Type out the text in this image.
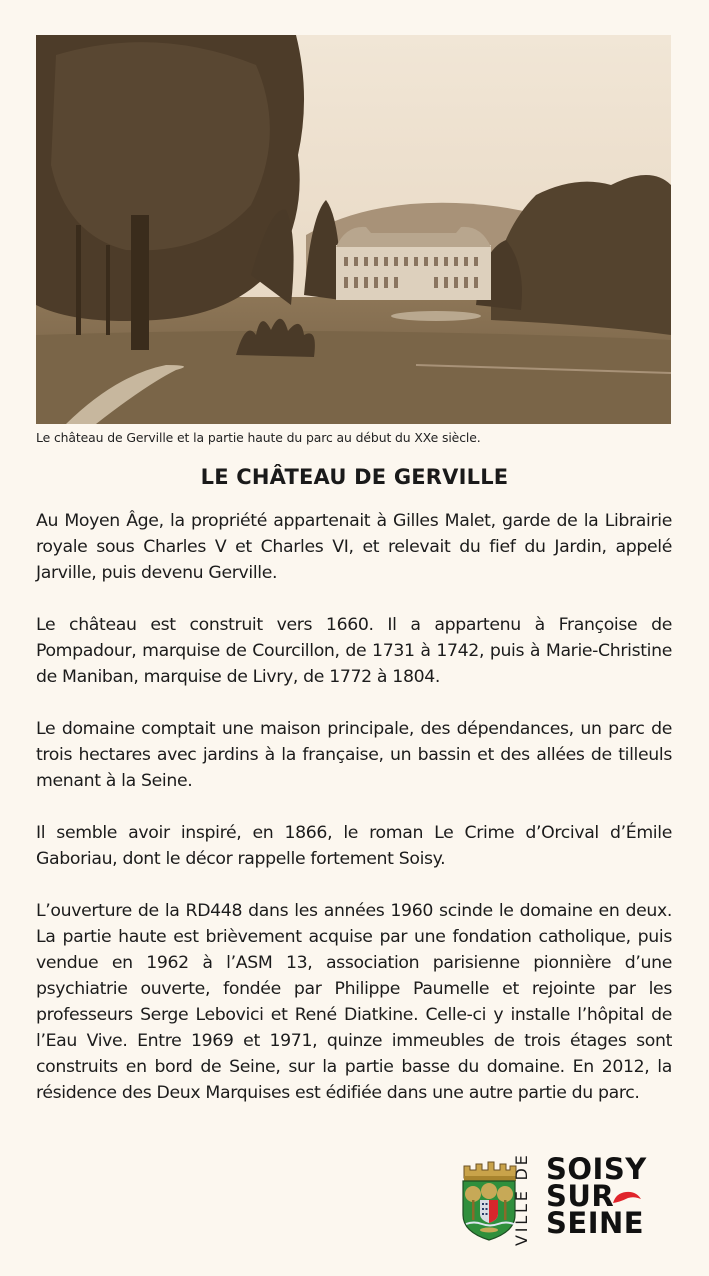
Le château de Gerville et la partie haute du parc au début du XXe siècle.
LE CHÂTEAU DE GERVILLE

Au Moyen Âge, la propriété appartenait à Gilles Malet, garde de la Librairie royale sous Charles V et Charles VI, et relevait du fief du Jardin, appelé Jarville, puis devenu Gerville.

Le château est construit vers 1660. Il a appartenu à Françoise de Pompadour, marquise de Courcillon, de 1731 à 1742, puis à Marie-Christine de Maniban, marquise de Livry, de 1772 à 1804.

Le domaine comptait une maison principale, des dépendances, un parc de trois hectares avec jardins à la française, un bassin et des allées de tilleuls menant à la Seine.

Il semble avoir inspiré, en 1866, le roman Le Crime d’Orcival d’Émile Gaboriau, dont le décor rappelle fortement Soisy.

L’ouverture de la RD448 dans les années 1960 scinde le domaine en deux. La partie haute est brièvement acquise par une fondation catholique, puis vendue en 1962 à l’ASM 13, association parisienne pionnière d’une psychiatrie ouverte, fondée par Philippe Paumelle et rejointe par les professeurs Serge Lebovici et René Diatkine. Celle-ci y installe l’hôpital de l’Eau Vive. Entre 1969 et 1971, quinze immeubles de trois étages sont construits en bord de Seine, sur la partie basse du domaine. En 2012, la résidence des Deux Marquises est édifiée dans une autre partie du parc.

VILLE DE SOISY
SUR
SEINE
